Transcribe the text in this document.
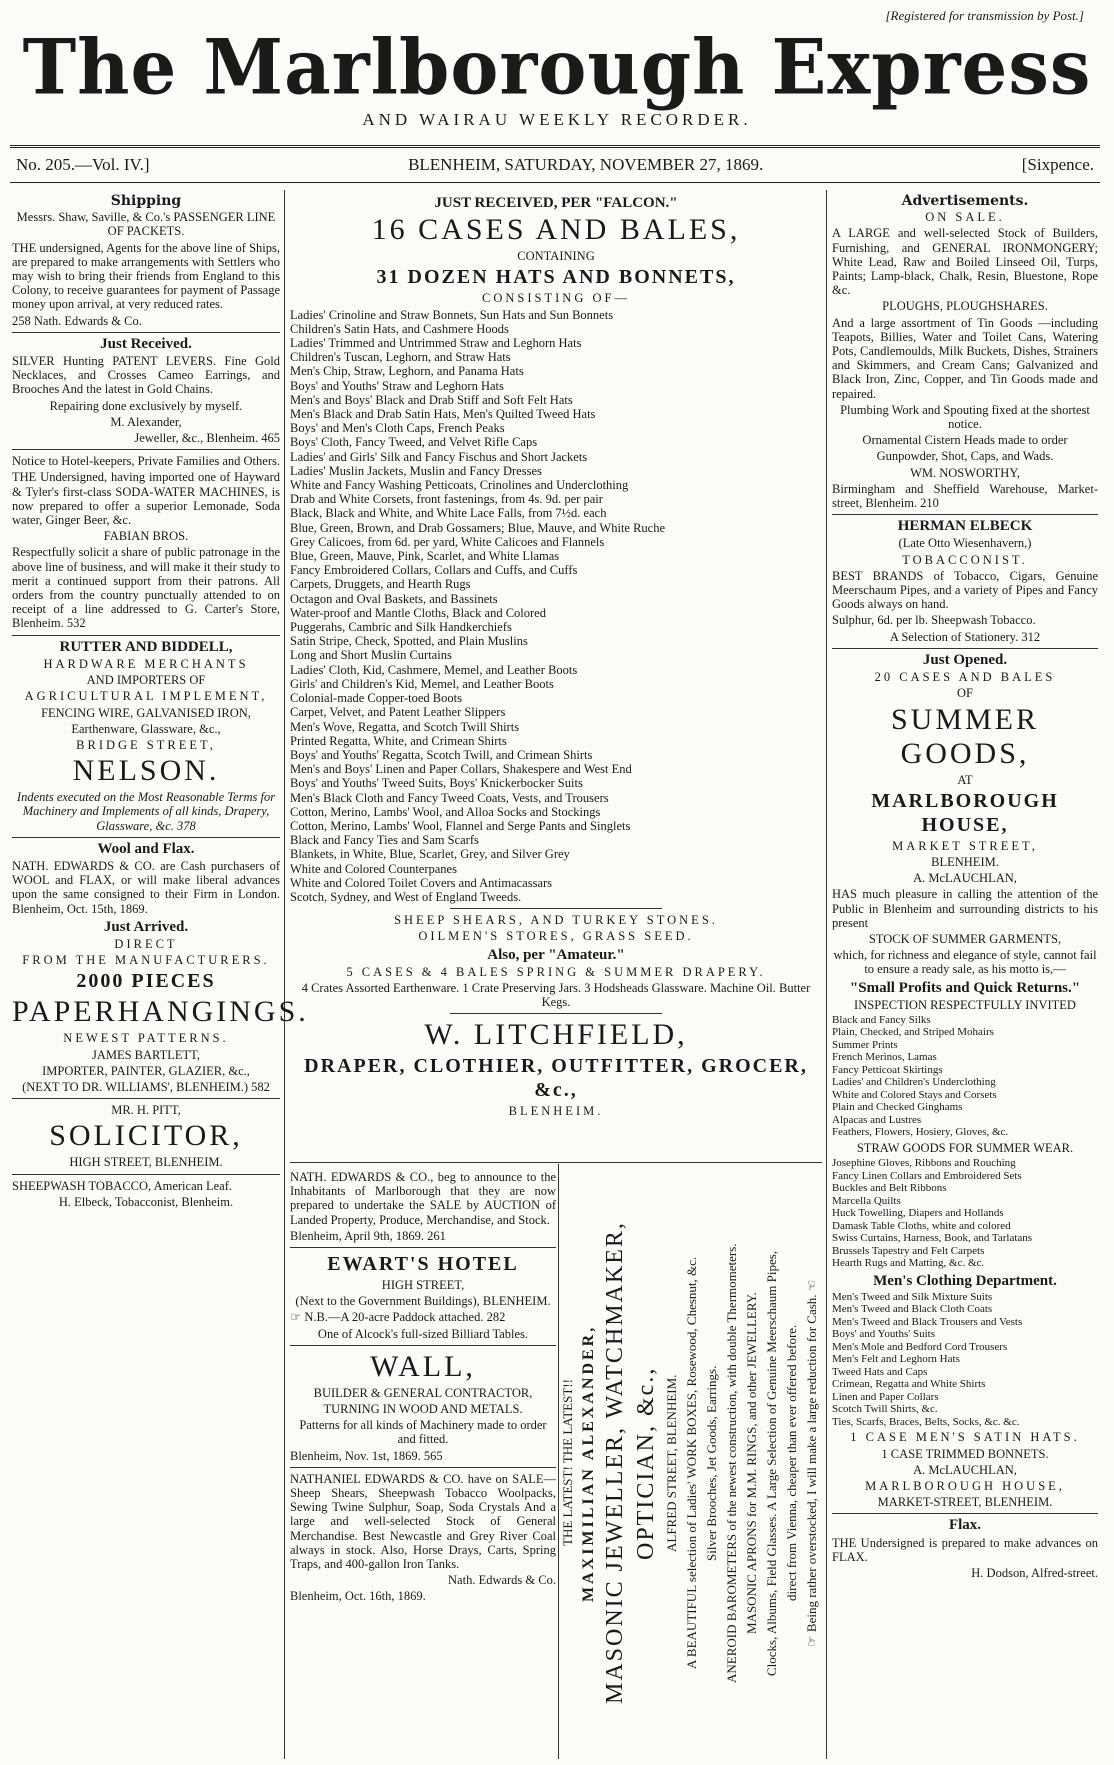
[Registered for transmission by Post.]
The Marlborough Express
AND WAIRAU WEEKLY RECORDER.
No. 205.—Vol. IV.]	BLENHEIM, SATURDAY, NOVEMBER 27, 1869.	[Sixpence.
Shipping
Messrs. Shaw, Saville, & Co.'s PASSENGER LINE OF PACKETS.
THE undersigned, Agents for the above line of Ships, are prepared to make arrangements with Settlers who may wish to bring their friends from England to this Colony, to receive guarantees for payment of Passage money upon arrival, at very reduced rates.
258 Nath. Edwards & Co.
Just Received.
SILVER Hunting PATENT LEVERS. Fine Gold Necklaces, and Crosses Cameo Earrings, and Brooches And the latest in Gold Chains.
Repairing done exclusively by myself.
M. Alexander,
Jeweller, &c., Blenheim. 465
Notice to Hotel-keepers, Private Families and Others.
THE Undersigned, having imported one of Hayward & Tyler's first-class SODA-WATER MACHINES, is now prepared to offer a superior Lemonade, Soda water, Ginger Beer, &c.
FABIAN BROS.
Respectfully solicit a share of public patronage in the above line of business, and will make it their study to merit a continued support from their patrons. All orders from the country punctually attended to on receipt of a line addressed to G. Carter's Store, Blenheim. 532
RUTTER AND BIDDELL,
HARDWARE MERCHANTS
AND IMPORTERS OF
AGRICULTURAL IMPLEMENT,
FENCING WIRE, GALVANISED IRON,
Earthenware, Glassware, &c.,
BRIDGE STREET,
NELSON.
Indents executed on the Most Reasonable Terms for Machinery and Implements of all kinds, Drapery, Glassware, &c. 378
Wool and Flax.
NATH. EDWARDS & CO. are Cash purchasers of WOOL and FLAX, or will make liberal advances upon the same consigned to their Firm in London. Blenheim, Oct. 15th, 1869.
Just Arrived.
DIRECT
FROM THE MANUFACTURERS.
2000 PIECES
PAPERHANGINGS.
NEWEST PATTERNS.
JAMES BARTLETT,
IMPORTER, PAINTER, GLAZIER, &c.,
(NEXT TO DR. WILLIAMS', BLENHEIM.) 582
MR. H. PITT,
SOLICITOR,
HIGH STREET, BLENHEIM.
SHEEPWASH TOBACCO, American Leaf.
H. Elbeck, Tobacconist, Blenheim.
JUST RECEIVED, PER "FALCON."
16 CASES AND BALES,
CONTAINING
31 DOZEN HATS AND BONNETS,
CONSISTING OF—
Ladies' Crinoline and Straw Bonnets, Sun Hats and Sun Bonnets
Children's Satin Hats, and Cashmere Hoods
Ladies' Trimmed and Untrimmed Straw and Leghorn Hats
Children's Tuscan, Leghorn, and Straw Hats
Men's Chip, Straw, Leghorn, and Panama Hats
Boys' and Youths' Straw and Leghorn Hats
Men's and Boys' Black and Drab Stiff and Soft Felt Hats
Men's Black and Drab Satin Hats, Men's Quilted Tweed Hats
Boys' and Men's Cloth Caps, French Peaks
Boys' Cloth, Fancy Tweed, and Velvet Rifle Caps
Ladies' and Girls' Silk and Fancy Fischus and Short Jackets
Ladies' Muslin Jackets, Muslin and Fancy Dresses
White and Fancy Washing Petticoats, Crinolines and Underclothing
Drab and White Corsets, front fastenings, from 4s. 9d. per pair
Black, Black and White, and White Lace Falls, from 7½d. each
Blue, Green, Brown, and Drab Gossamers; Blue, Mauve, and White Ruche
Grey Calicoes, from 6d. per yard, White Calicoes and Flannels
Blue, Green, Mauve, Pink, Scarlet, and White Llamas
Fancy Embroidered Collars, Collars and Cuffs, and Cuffs
Carpets, Druggets, and Hearth Rugs
Octagon and Oval Baskets, and Bassinets
Water-proof and Mantle Cloths, Black and Colored
Puggerahs, Cambric and Silk Handkerchiefs
Satin Stripe, Check, Spotted, and Plain Muslins
Long and Short Muslin Curtains
Ladies' Cloth, Kid, Cashmere, Memel, and Leather Boots
Girls' and Children's Kid, Memel, and Leather Boots
Colonial-made Copper-toed Boots
Carpet, Velvet, and Patent Leather Slippers
Men's Wove, Regatta, and Scotch Twill Shirts
Printed Regatta, White, and Crimean Shirts
Boys' and Youths' Regatta, Scotch Twill, and Crimean Shirts
Men's and Boys' Linen and Paper Collars, Shakespere and West End
Boys' and Youths' Tweed Suits, Boys' Knickerbocker Suits
Men's Black Cloth and Fancy Tweed Coats, Vests, and Trousers
Cotton, Merino, Lambs' Wool, and Alloa Socks and Stockings
Cotton, Merino, Lambs' Wool, Flannel and Serge Pants and Singlets
Black and Fancy Ties and Sam Scarfs
Blankets, in White, Blue, Scarlet, Grey, and Silver Grey
White and Colored Counterpanes
White and Colored Toilet Covers and Antimacassars
Scotch, Sydney, and West of England Tweeds.
SHEEP SHEARS, AND TURKEY STONES.
OILMEN'S STORES, GRASS SEED.
Also, per "Amateur."
5 CASES & 4 BALES SPRING & SUMMER DRAPERY.
4 Crates Assorted Earthenware. 1 Crate Preserving Jars. 3 Hodsheads Glassware. Machine Oil. Butter Kegs.
W. LITCHFIELD,
DRAPER, CLOTHIER, OUTFITTER, GROCER, &c.,
BLENHEIM.
NATH. EDWARDS & CO., beg to announce to the Inhabitants of Marlborough that they are now prepared to undertake the SALE by AUCTION of Landed Property, Produce, Merchandise, and Stock.
Blenheim, April 9th, 1869. 261
EWART'S HOTEL
HIGH STREET,
(Next to the Government Buildings), BLENHEIM.
☞ N.B.—A 20-acre Paddock attached. 282
One of Alcock's full-sized Billiard Tables.
WALL,
BUILDER & GENERAL CONTRACTOR,
TURNING IN WOOD AND METALS.
Patterns for all kinds of Machinery made to order and fitted.
Blenheim, Nov. 1st, 1869. 565
NATHANIEL EDWARDS & CO. have on SALE— Sheep Shears, Sheepwash Tobacco Woolpacks, Sewing Twine Sulphur, Soap, Soda Crystals And a large and well-selected Stock of General Merchandise. Best Newcastle and Grey River Coal always in stock. Also, Horse Drays, Carts, Spring Traps, and 400-gallon Iron Tanks.
Nath. Edwards & Co.
Blenheim, Oct. 16th, 1869.
THE LATEST! THE LATEST!! MAXIMILIAN ALEXANDER, MASONIC JEWELLER, WATCHMAKER, OPTICIAN, &c., ALFRED STREET, BLENHEIM. A BEAUTIFUL selection of Ladies' WORK BOXES, Rosewood, Chesnut, &c. Silver Brooches, Jet Goods, Earrings. ANEROID BAROMETERS of the newest construction, with double Thermometers. MASONIC APRONS for M.M. RINGS, and other JEWELLERY. Clocks, Albums, Field Glasses. A Large Selection of Genuine Meerschaum Pipes, direct from Vienna, cheaper than ever offered before. ☞ Being rather overstocked, I will make a large reduction for Cash. ☜
Advertisements.
ON SALE.
A LARGE and well-selected Stock of Builders, Furnishing, and GENERAL IRONMONGERY; White Lead, Raw and Boiled Linseed Oil, Turps, Paints; Lamp-black, Chalk, Resin, Bluestone, Rope &c.
PLOUGHS, PLOUGHSHARES.
And a large assortment of Tin Goods —including Teapots, Billies, Water and Toilet Cans, Watering Pots, Candlemoulds, Milk Buckets, Dishes, Strainers and Skimmers, and Cream Cans; Galvanized and Black Iron, Zinc, Copper, and Tin Goods made and repaired.
Plumbing Work and Spouting fixed at the shortest notice.
Ornamental Cistern Heads made to order
Gunpowder, Shot, Caps, and Wads.
WM. NOSWORTHY,
Birmingham and Sheffield Warehouse, Market-street, Blenheim. 210
HERMAN ELBECK
(Late Otto Wiesenhavern,)
TOBACCONIST.
BEST BRANDS of Tobacco, Cigars, Genuine Meerschaum Pipes, and a variety of Pipes and Fancy Goods always on hand.
Sulphur, 6d. per lb. Sheepwash Tobacco.
A Selection of Stationery. 312
Just Opened.
20 CASES AND BALES
OF
SUMMER GOODS,
AT
MARLBOROUGH HOUSE,
MARKET STREET,
BLENHEIM.
A. McLAUCHLAN,
HAS much pleasure in calling the attention of the Public in Blenheim and surrounding districts to his present
STOCK OF SUMMER GARMENTS,
which, for richness and elegance of style, cannot fail to ensure a ready sale, as his motto is,—
"Small Profits and Quick Returns."
INSPECTION RESPECTFULLY INVITED
Black and Fancy Silks
Plain, Checked, and Striped Mohairs
Summer Prints
French Merinos, Lamas
Fancy Petticoat Skirtings
Ladies' and Children's Underclothing
White and Colored Stays and Corsets
Plain and Checked Ginghams
Alpacas and Lustres
Feathers, Flowers, Hosiery, Gloves, &c.
STRAW GOODS FOR SUMMER WEAR.
Josephine Gloves, Ribbons and Rouching
Fancy Linen Collars and Embroidered Sets
Buckles and Belt Ribbons
Marcella Quilts
Huck Towelling, Diapers and Hollands
Damask Table Cloths, white and colored
Swiss Curtains, Harness, Book, and Tarlatans
Brussels Tapestry and Felt Carpets
Hearth Rugs and Matting, &c. &c.
Men's Clothing Department.
Men's Tweed and Silk Mixture Suits
Men's Tweed and Black Cloth Coats
Men's Tweed and Black Trousers and Vests
Boys' and Youths' Suits
Men's Mole and Bedford Cord Trousers
Men's Felt and Leghorn Hats
Tweed Hats and Caps
Crimean, Regatta and White Shirts
Linen and Paper Collars
Scotch Twill Shirts, &c.
Ties, Scarfs, Braces, Belts, Socks, &c. &c.
1 CASE MEN'S SATIN HATS.
1 CASE TRIMMED BONNETS.
A. McLAUCHLAN,
MARLBOROUGH HOUSE,
MARKET-STREET, BLENHEIM.
Flax.
THE Undersigned is prepared to make advances on FLAX.
H. Dodson, Alfred-street.
